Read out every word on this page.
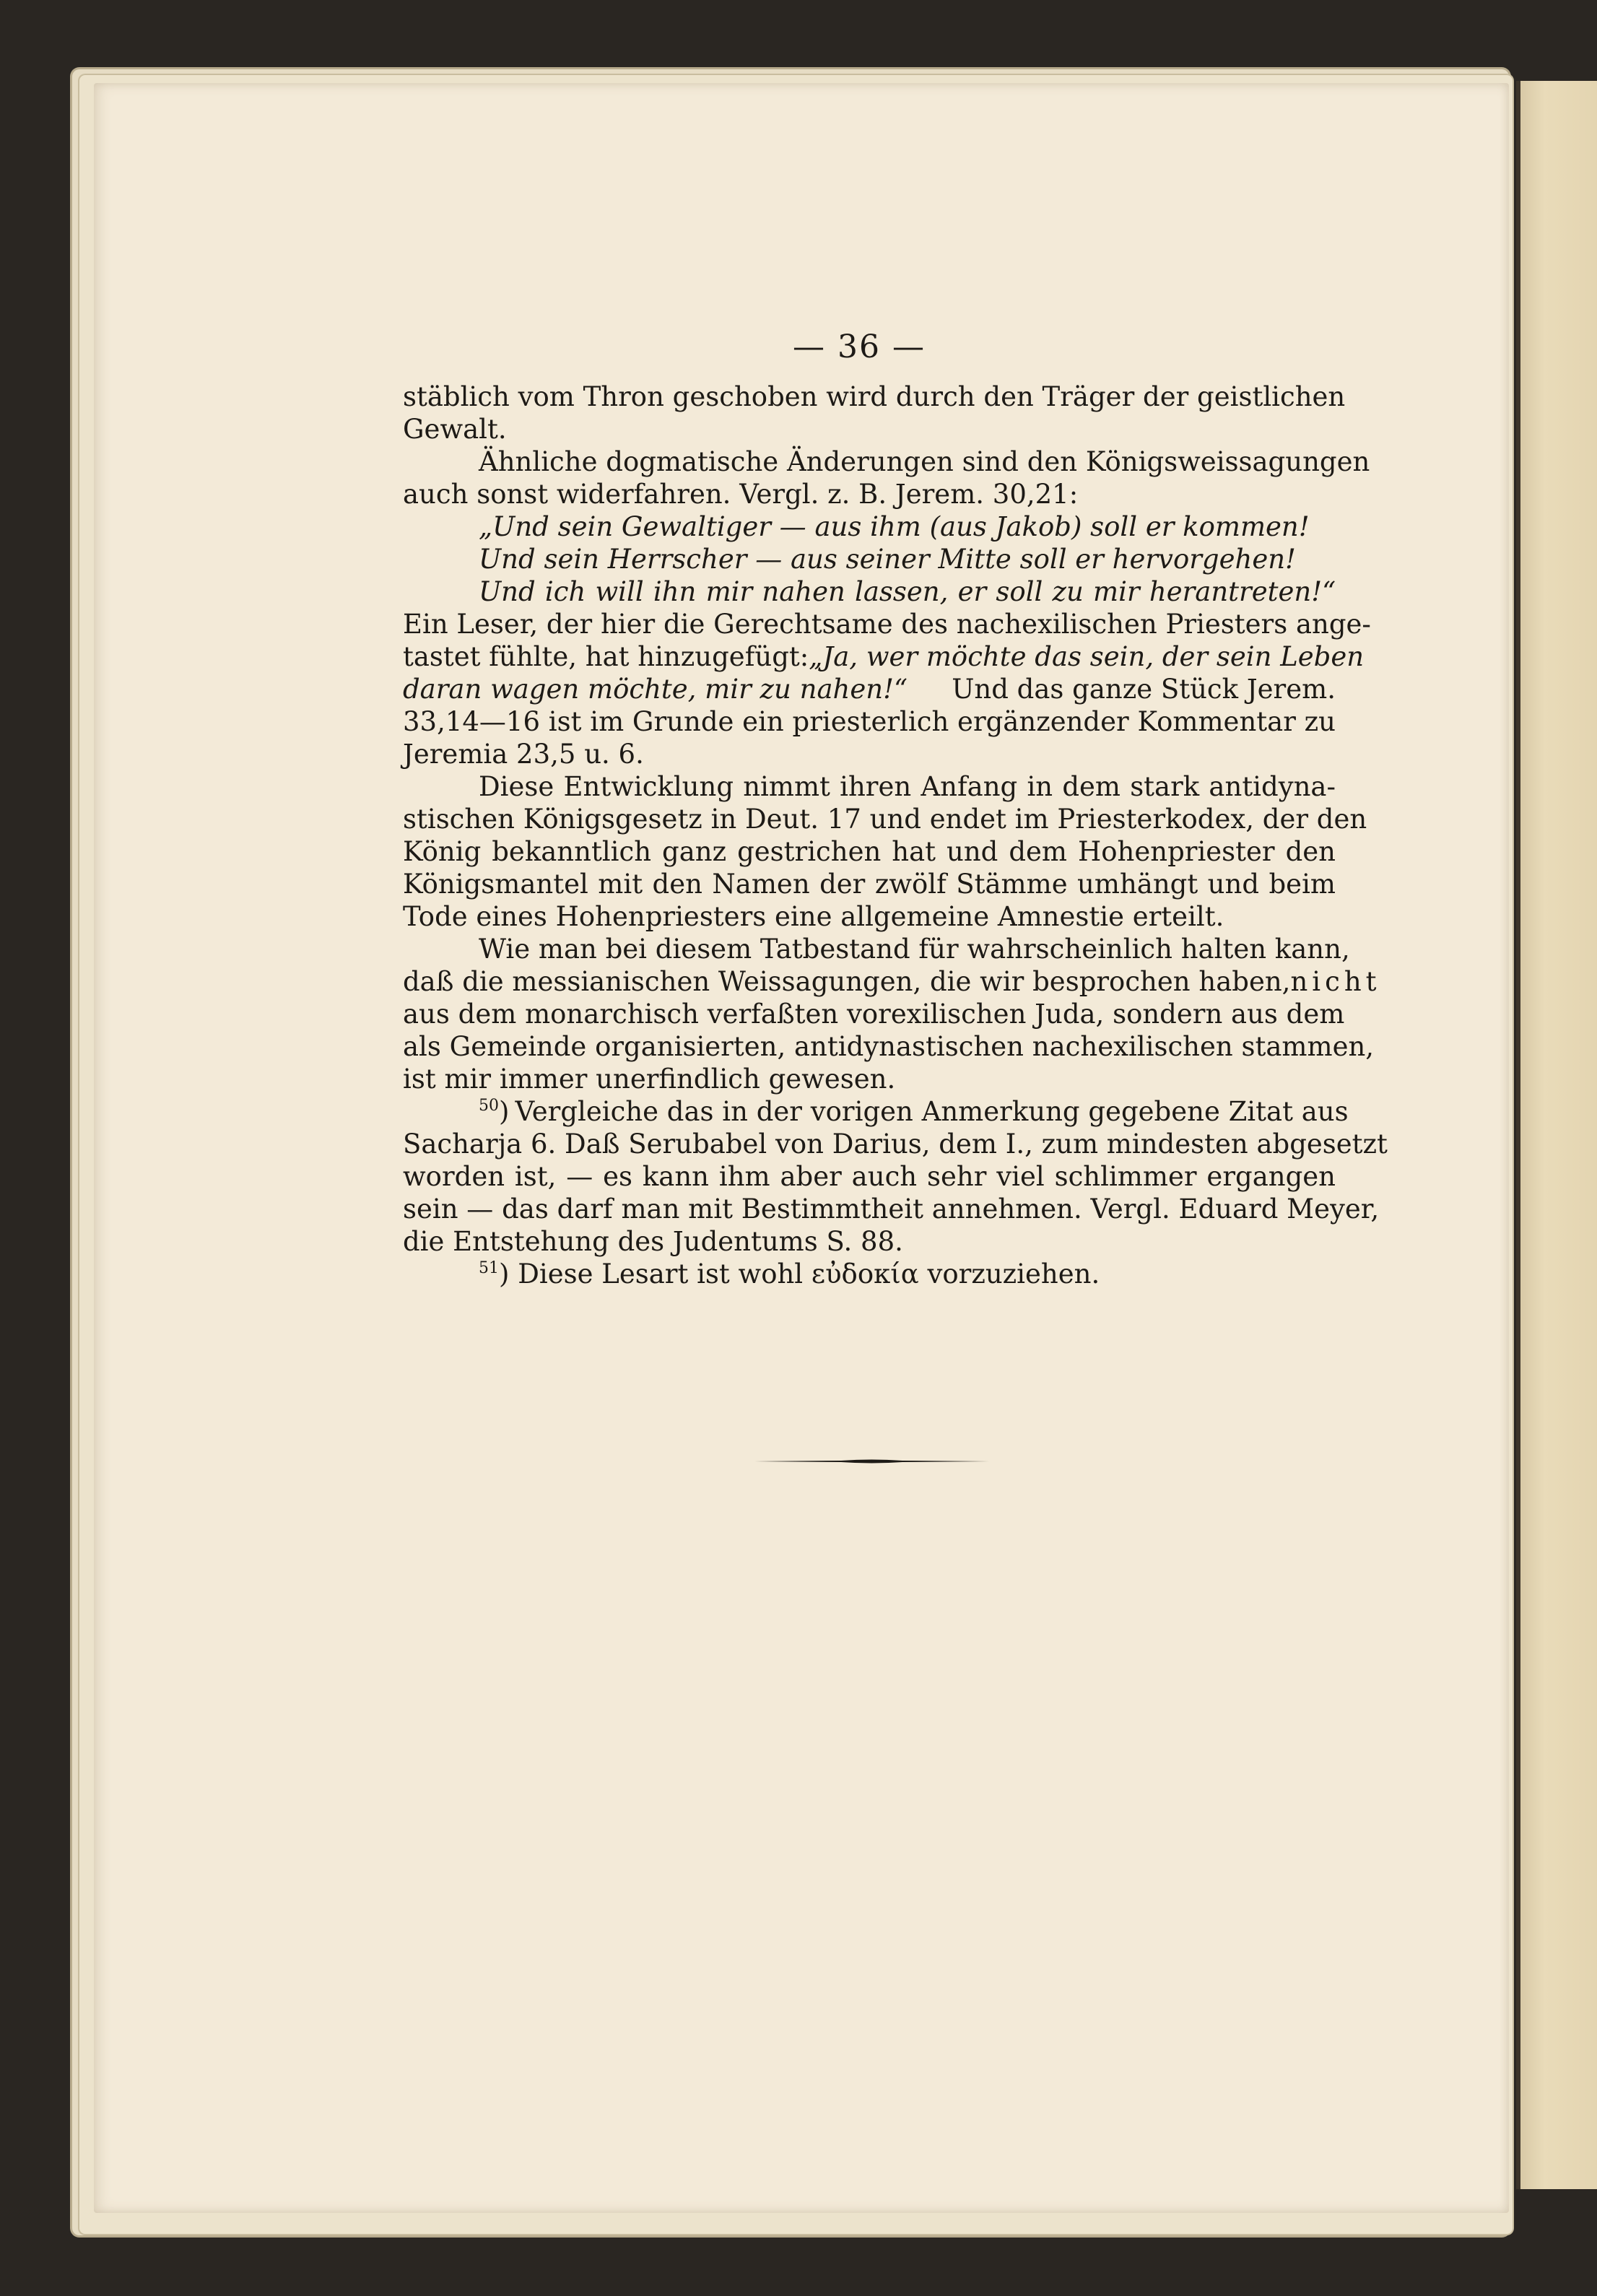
— 36 —
stäblich vom Thron geschoben wird durch den Träger der geistlichen
Gewalt.
Ähnliche dogmatische Änderungen sind den Königsweissagungen
auch sonst widerfahren. Vergl. z. B. Jerem. 30,21:
„Und sein Gewaltiger — aus ihm (aus Jakob) soll er kommen!
Und sein Herrscher — aus seiner Mitte soll er hervorgehen!
Und ich will ihn mir nahen lassen, er soll zu mir herantreten!“
Ein Leser, der hier die Gerechtsame des nachexilischen Priesters ange-
tastet fühlte, hat hinzugefügt: „Ja, wer möchte das sein, der sein Leben
daran wagen möchte, mir zu nahen!“ Und das ganze Stück Jerem.
33,14—16 ist im Grunde ein priesterlich ergänzender Kommentar zu
Jeremia 23,5 u. 6.
Diese Entwicklung nimmt ihren Anfang in dem stark antidyna-
stischen Königsgesetz in Deut. 17 und endet im Priesterkodex, der den
König bekanntlich ganz gestrichen hat und dem Hohenpriester den
Königsmantel mit den Namen der zwölf Stämme umhängt und beim
Tode eines Hohenpriesters eine allgemeine Amnestie erteilt.
Wie man bei diesem Tatbestand für wahrscheinlich halten kann,
daß die messianischen Weissagungen, die wir besprochen haben, nicht
aus dem monarchisch verfaßten vorexilischen Juda, sondern aus dem
als Gemeinde organisierten, antidynastischen nachexilischen stammen,
ist mir immer unerfindlich gewesen.
$^{50}$) Vergleiche das in der vorigen Anmerkung gegebene Zitat aus
Sacharja 6. Daß Serubabel von Darius, dem I., zum mindesten abgesetzt
worden ist, — es kann ihm aber auch sehr viel schlimmer ergangen
sein — das darf man mit Bestimmtheit annehmen. Vergl. Eduard Meyer,
die Entstehung des Judentums S. 88.
$^{51}$) Diese Lesart ist wohl εὐδοκία vorzuziehen.
